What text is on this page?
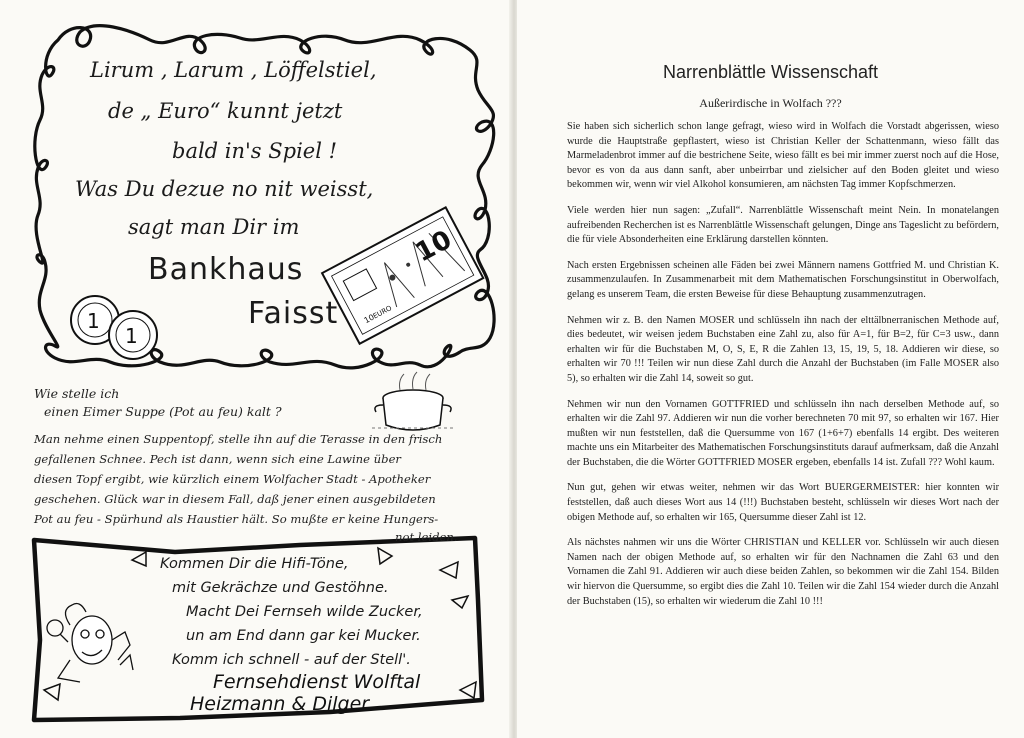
10
10
EURO
1
1
Lirum , Larum , Löffelstiel,
de „ Euro“ kunnt jetzt
bald in's Spiel !
Was Du dezue no nit weisst,
sagt man Dir im
Bankhaus
Faisst
Wie stelle ich
einen Eimer Suppe (Pot au feu) kalt ?
Man nehme einen Suppentopf, stelle ihn auf die Terasse in den frisch
gefallenen Schnee. Pech ist dann, wenn sich eine Lawine über
diesen Topf ergibt, wie kürzlich einem Wolfacher Stadt - Apotheker
geschehen. Glück war in diesem Fall, daß jener einen ausgebildeten
Pot au feu - Spürhund als Haustier hält. So mußte er keine Hungers-
not leiden.
Kommen Dir die Hifi-Töne,
mit Gekrächze und Gestöhne.
Macht Dei Fernseh wilde Zucker,
un am End dann gar kei Mucker.
Komm ich schnell - auf der Stell'.
Fernsehdienst Wolftal
Heizmann & Dilger
Narrenblättle Wissenschaft
Außerirdische in Wolfach ???

Sie haben sich sicherlich schon lange gefragt, wieso wird in Wolfach die Vorstadt abgerissen, wieso wurde die Hauptstraße gepflastert, wieso ist Christian Keller der Schattenmann, wieso fällt das Marmeladenbrot immer auf die bestrichene Seite, wieso fällt es bei mir immer zuerst noch auf die Hose, bevor es von da aus dann sanft, aber unbeirrbar und zielsicher auf den Boden gleitet und wieso bekommen wir, wenn wir viel Alkohol konsumieren, am nächsten Tag immer Kopfschmerzen.

Viele werden hier nun sagen: „Zufall“. Narrenblättle Wissenschaft meint Nein. In monatelangen aufreibenden Recherchen ist es Narrenblättle Wissenschaft gelungen, Dinge ans Tageslicht zu befördern, die für viele Absonderheiten eine Erklärung darstellen könnten.

Nach ersten Ergebnissen scheinen alle Fäden bei zwei Männern namens Gottfried M. und Christian K. zusammenzulaufen. In Zusammenarbeit mit dem Mathematischen Forschungsinstitut in Oberwolfach, gelang es unserem Team, die ersten Beweise für diese Behauptung zusammenzutragen.

Nehmen wir z. B. den Namen MOSER und schlüsseln ihn nach der elttälbnerranischen Methode auf, dies bedeutet, wir weisen jedem Buchstaben eine Zahl zu, also für A=1, für B=2, für C=3 usw., dann erhalten wir für die Buchstaben M, O, S, E, R die Zahlen 13, 15, 19, 5, 18. Addieren wir diese, so erhalten wir 70 !!! Teilen wir nun diese Zahl durch die Anzahl der Buchstaben (im Falle MOSER also 5), so erhalten wir die Zahl 14, soweit so gut.

Nehmen wir nun den Vornamen GOTTFRIED und schlüsseln ihn nach derselben Methode auf, so erhalten wir die Zahl 97. Addieren wir nun die vorher berechneten 70 mit 97, so erhalten wir 167. Hier mußten wir nun feststellen, daß die Quersumme von 167 (1+6+7) ebenfalls 14 ergibt. Des weiteren machte uns ein Mitarbeiter des Mathematischen Forschungsinstituts darauf aufmerksam, daß die Anzahl der Buchstaben, die die Wörter GOTTFRIED MOSER ergeben, ebenfalls 14 ist. Zufall ??? Wohl kaum.

Nun gut, gehen wir etwas weiter, nehmen wir das Wort BUERGERMEISTER: hier konnten wir feststellen, daß auch dieses Wort aus 14 (!!!) Buchstaben besteht, schlüsseln wir dieses Wort nach der obigen Methode auf, so erhalten wir 165, Quersumme dieser Zahl ist 12.

Als nächstes nahmen wir uns die Wörter CHRISTIAN und KELLER vor. Schlüsseln wir auch diesen Namen nach der obigen Methode auf, so erhalten wir für den Nachnamen die Zahl 63 und den Vornamen die Zahl 91. Addieren wir auch diese beiden Zahlen, so bekommen wir die Zahl 154. Bilden wir hiervon die Quersumme, so ergibt dies die Zahl 10. Teilen wir die Zahl 154 wieder durch die Anzahl der Buchstaben (15), so erhalten wir wiederum die Zahl 10 !!!
